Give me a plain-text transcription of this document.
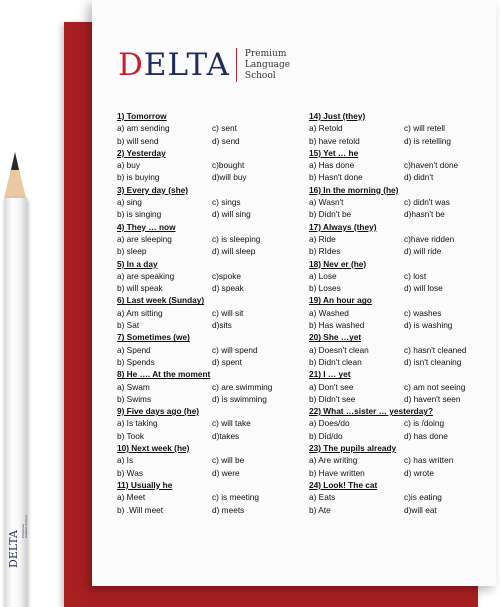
DELTA Premium English School
DELTA Premium
Language
School
1) Tomorrow
a) am sending	c) sent
b) will send	d) send
2) Yesterday
a) buy	c)bought
b) is buying	d)will buy
3) Every day (she)
a) sing	c) sings
b) is singing	d) will sing
4) They … now
a) are sleeping	c) is sleeping
b) sleep	d) will sleep
5) In a day
a) are speaking	c)spoke
b) will speak	d) speak
6) Last week (Sunday)
a) Am sitting	c) will sit
b) Sat	d)sits
7) Sometimes (we)
a) Spend	c) will spend
b) Spends	d) spent
8) He …. At the moment
a) Swam	c) are swimming
b) Swims	d) is swimming
9) Five days ago (he)
a) Is taking	c) will take
b) Took	d)takes
10) Next week (he)
a) Is	c) will be
b) Was	d) were
11) Usually he
a) Meet	c) is meeting
b) .Will meet	d) meets
14) Just (they)
a) Retold	c) will retell
b) have retold	d) is retelling
15) Yet … he
a) Has done	c)haven't done
b) Hasn't done	d) didn't
16) In the morning (he)
a) Wasn't	c) didn't was
b) Didn't be	d)hasn't be
17) Always (they)
a) Ride	c)have ridden
b) RIdes	d) will ride
18) Nev er (he)
a) Lose	c) lost
b) Loses	d) will lose
19) An hour ago
a) Washed	c) washes
b) Has washed	d) is washing
20) She …yet
a) Doesn't clean	c) hasn't cleaned
b) Didn't clean	d) isn't cleaning
21) I … yet
a) Don't see	c) am not seeing
b) Didn't see	d) haven't seen
22) What …sister … yesterday?
a) Does/do	c) is /doing
b) Did/do	d) has done
23) The pupils already
a) Are writing	c) has written
b) Have written	d) wrote
24) Look! The cat
a) Eats	c)is eating
b) Ate	d)will eat
